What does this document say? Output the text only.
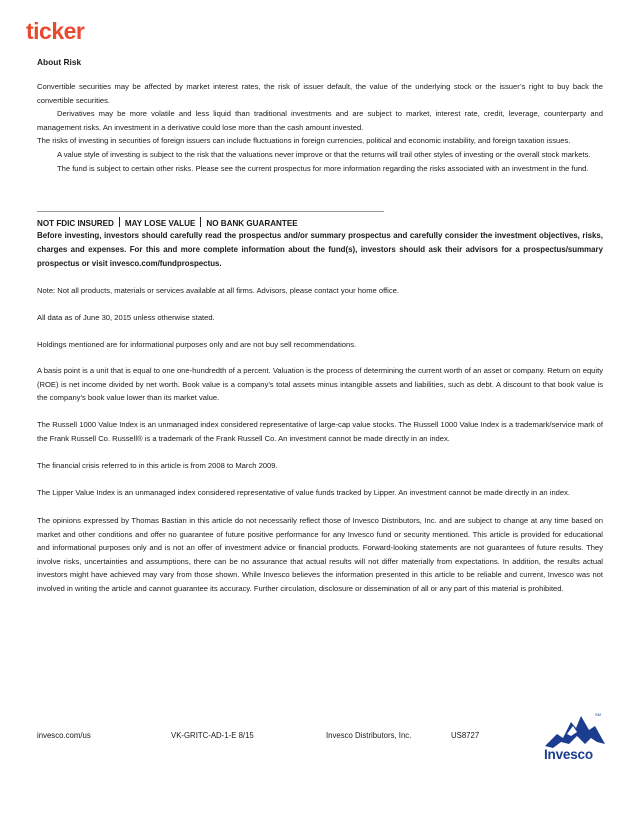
ticker
About Risk
Convertible securities may be affected by market interest rates, the risk of issuer default, the value of the underlying stock or the issuer’s right to buy back the convertible securities.
Derivatives may be more volatile and less liquid than traditional investments and are subject to market, interest rate, credit, leverage, counterparty and management risks. An investment in a derivative could lose more than the cash amount invested.
The risks of investing in securities of foreign issuers can include fluctuations in foreign currencies, political and economic instability, and foreign taxation issues.
A value style of investing is subject to the risk that the valuations never improve or that the returns will trail other styles of investing or the overall stock markets.
The fund is subject to certain other risks. Please see the current prospectus for more information regarding the risks associated with an investment in the fund.
NOT FDIC INSURED MAY LOSE VALUE NO BANK GUARANTEE
Before investing, investors should carefully read the prospectus and/or summary prospectus and carefully consider the investment objectives, risks, charges and expenses. For this and more complete information about the fund(s), investors should ask their advisors for a prospectus/summary prospectus or visit invesco.com/fundprospectus.
Note: Not all products, materials or services available at all firms. Advisors, please contact your home office.
All data as of June 30, 2015 unless otherwise stated.
Holdings mentioned are for informational purposes only and are not buy sell recommendations.
A basis point is a unit that is equal to one one-hundredth of a percent. Valuation is the process of determining the current worth of an asset or company. Return on equity (ROE) is net income divided by net worth. Book value is a company’s total assets minus intangible assets and liabilities, such as debt. A discount to that book value is the company’s book value lower than its market value.
The Russell 1000 Value Index is an unmanaged index considered representative of large-cap value stocks. The Russell 1000 Value Index is a trademark/service mark of the Frank Russell Co. Russell® is a trademark of the Frank Russell Co. An investment cannot be made directly in an index.
The financial crisis referred to in this article is from 2008 to March 2009.
The Lipper Value Index is an unmanaged index considered representative of value funds tracked by Lipper. An investment cannot be made directly in an index.
The opinions expressed by Thomas Bastian in this article do not necessarily reflect those of Invesco Distributors, Inc. and are subject to change at any time based on market and other conditions and offer no guarantee of future positive performance for any Invesco fund or security mentioned. This article is provided for educational and informational purposes only and is not an offer of investment advice or financial products. Forward-looking statements are not guarantees of future results. They involve risks, uncertainties and assumptions, there can be no assurance that actual results will not differ materially from expectations. In addition, the results actual investors might have achieved may vary from those shown. While Invesco believes the information presented in this article to be reliable and current, Invesco was not involved in writing the article and cannot guarantee its accuracy. Further circulation, disclosure or dissemination of all or any part of this material is prohibited.
invesco.com/us	VK-GRITC-AD-1-E 8/15	Invesco Distributors, Inc.	US8727
SM
Invesco
